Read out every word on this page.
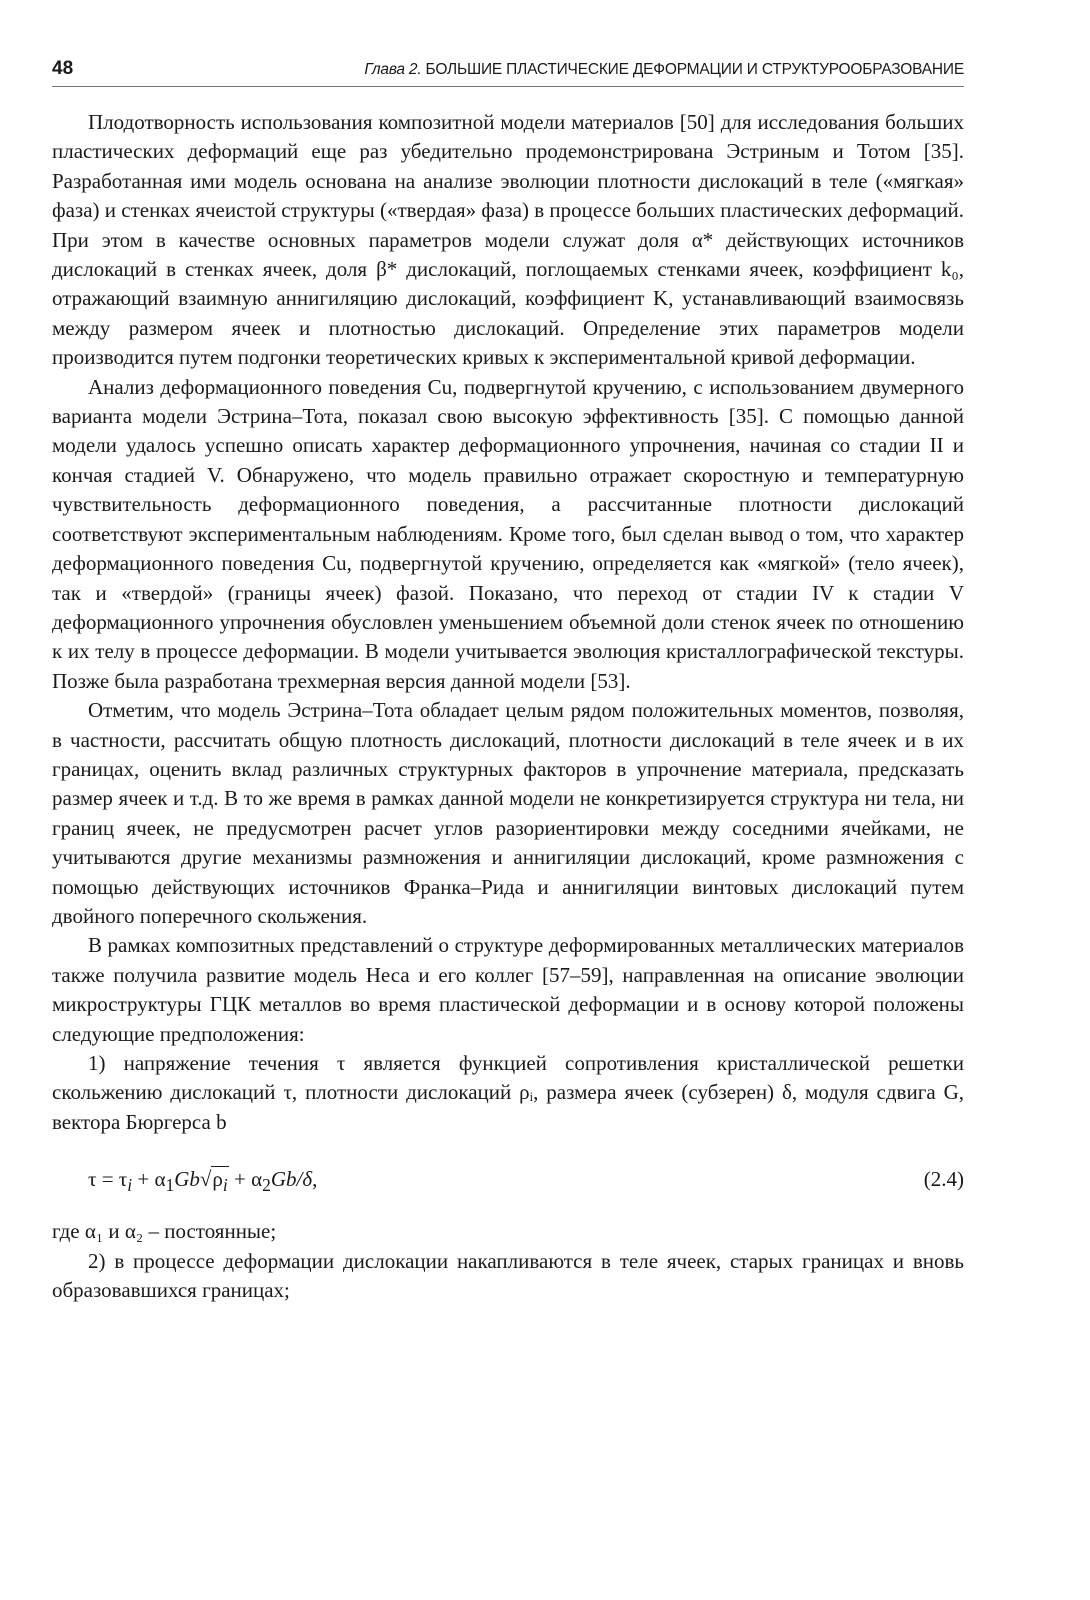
48	Глава 2. БОЛЬШИЕ ПЛАСТИЧЕСКИЕ ДЕФОРМАЦИИ И СТРУКТУРООБРАЗОВАНИЕ

Плодотворность использования композитной модели материалов [50] для исследования больших пластических деформаций еще раз убедительно продемонстрирована Эстриным и Тотом [35]. Разработанная ими модель основана на анализе эволюции плотности дислокаций в теле («мягкая» фаза) и стенках ячеистой структуры («твердая» фаза) в процессе больших пластических деформаций. При этом в качестве основных параметров модели служат доля α* действующих источников дислокаций в стенках ячеек, доля β* дислокаций, поглощаемых стенками ячеек, коэффициент k₀, отражающий взаимную аннигиляцию дислокаций, коэффициент K, устанавливающий взаимосвязь между размером ячеек и плотностью дислокаций. Определение этих параметров модели производится путем подгонки теоретических кривых к экспериментальной кривой деформации.

Анализ деформационного поведения Cu, подвергнутой кручению, с использованием двумерного варианта модели Эстрина–Тота, показал свою высокую эффективность [35]. С помощью данной модели удалось успешно описать характер деформационного упрочнения, начиная со стадии II и кончая стадией V. Обнаружено, что модель правильно отражает скоростную и температурную чувствительность деформационного поведения, а рассчитанные плотности дислокаций соответствуют экспериментальным наблюдениям. Кроме того, был сделан вывод о том, что характер деформационного поведения Cu, подвергнутой кручению, определяется как «мягкой» (тело ячеек), так и «твердой» (границы ячеек) фазой. Показано, что переход от стадии IV к стадии V деформационного упрочнения обусловлен уменьшением объемной доли стенок ячеек по отношению к их телу в процессе деформации. В модели учитывается эволюция кристаллографической текстуры. Позже была разработана трехмерная версия данной модели [53].

Отметим, что модель Эстрина–Тота обладает целым рядом положительных моментов, позволяя, в частности, рассчитать общую плотность дислокаций, плотности дислокаций в теле ячеек и в их границах, оценить вклад различных структурных факторов в упрочнение материала, предсказать размер ячеек и т.д. В то же время в рамках данной модели не конкретизируется структура ни тела, ни границ ячеек, не предусмотрен расчет углов разориентировки между соседними ячейками, не учитываются другие механизмы размножения и аннигиляции дислокаций, кроме размножения с помощью действующих источников Франка–Рида и аннигиляции винтовых дислокаций путем двойного поперечного скольжения.

В рамках композитных представлений о структуре деформированных металлических материалов также получила развитие модель Неса и его коллег [57–59], направленная на описание эволюции микроструктуры ГЦК металлов во время пластической деформации и в основу которой положены следующие предположения:

1) напряжение течения τ является функцией сопротивления кристаллической решетки скольжению дислокаций τ, плотности дислокаций ρᵢ, размера ячеек (субзерен) δ, модуля сдвига G, вектора Бюргерса b

$\tau = \tau_i + \alpha_1Gb√\rho_i + \alpha_2Gb/\delta$,	(2.4)

где α₁ и α₂ – постоянные;

2) в процессе деформации дислокации накапливаются в теле ячеек, старых границах и вновь образовавшихся границах;
